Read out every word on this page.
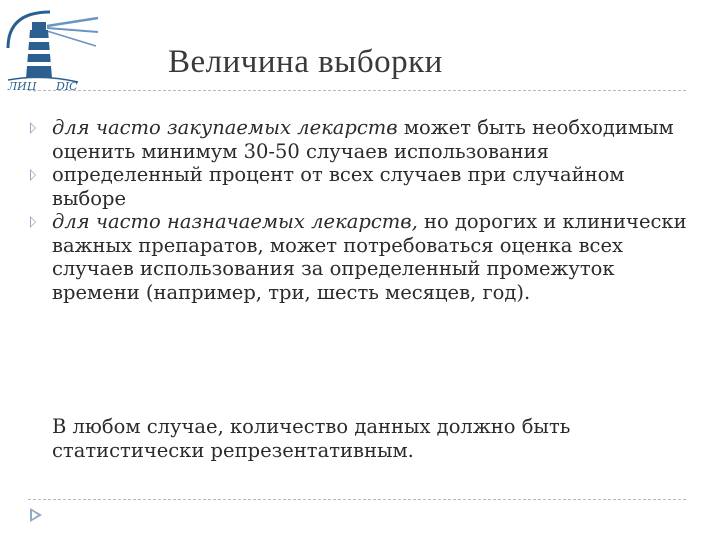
ЛИЦ DIC
Величина выборки
для часто закупаемых лекарств может быть необходимым оценить минимум 30-50 случаев использования
определенный процент от всех случаев при случайном выборе
для часто назначаемых лекарств, но дорогих и клинически важных препаратов, может потребоваться оценка всех случаев использования за определенный промежуток времени (например, три, шесть месяцев, год).
В любом случае, количество данных должно быть статистически репрезентативным.
